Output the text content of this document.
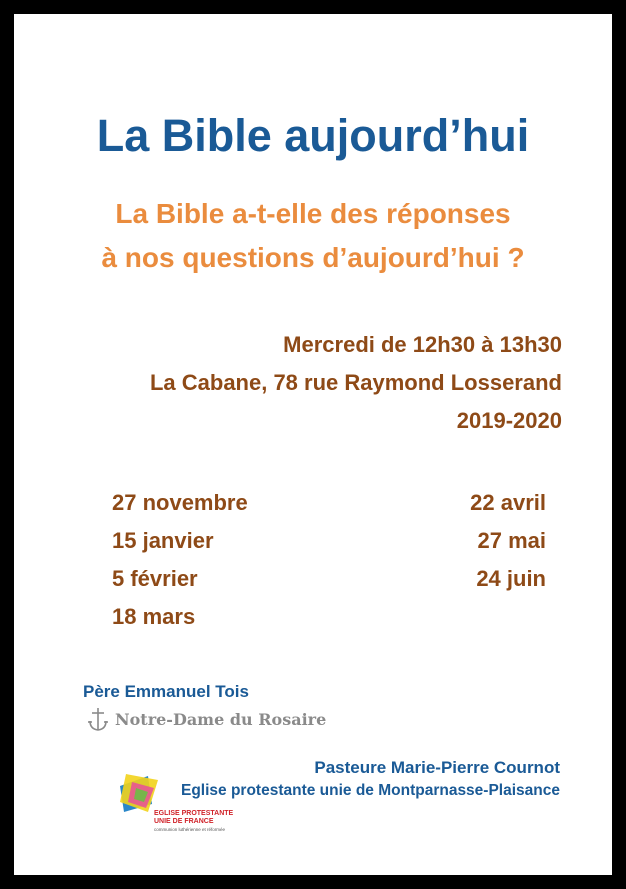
La Bible aujourd’hui
La Bible a-t-elle des réponses
à nos questions d’aujourd’hui ?
Mercredi de 12h30 à 13h30
La Cabane, 78 rue Raymond Losserand
2019-2020
27 novembre
15 janvier
5 février
18 mars
22 avril
27 mai
24 juin
Père Emmanuel Tois
Notre-Dame du Rosaire
Pasteure Marie-Pierre Cournot
Eglise protestante unie de Montparnasse-Plaisance
EGLISE PROTESTANTE
UNIE DE FRANCE
communion luthérienne et réformée
